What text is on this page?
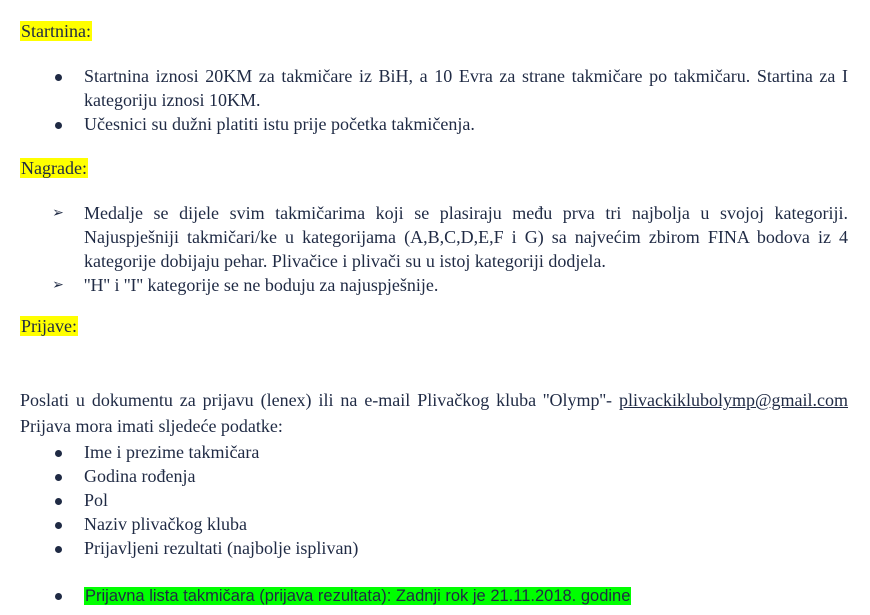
Startnina:
Startnina iznosi 20KM za takmičare iz BiH, a 10 Evra za strane takmičare po takmičaru. Startina za I kategoriju iznosi 10KM.
Učesnici su dužni platiti istu prije početka takmičenja.
Nagrade:
➢ Medalje se dijele svim takmičarima koji se plasiraju među prva tri najbolja u svojoj kategoriji. Najuspješniji takmičari/ke u kategorijama (A,B,C,D,E,F i G) sa najvećim zbirom FINA bodova iz 4 kategorije dobijaju pehar. Plivačice i plivači su u istoj kategoriji dodjela.
➢ ''H'' i ''I'' kategorije se ne boduju za najuspješnije.
Prijave:

Poslati u dokumentu za prijavu (lenex) ili na e-mail Plivačkog kluba ''Olymp''- plivackiklubolymp@gmail.com Prijava mora imati sljedeće podatke:

Ime i prezime takmičara
Godina rođenja
Pol
Naziv plivačkog kluba
Prijavljeni rezultati (najbolje isplivan)
Prijavna lista takmičara (prijava rezultata): Zadnji rok je 21.11.2018. godine
